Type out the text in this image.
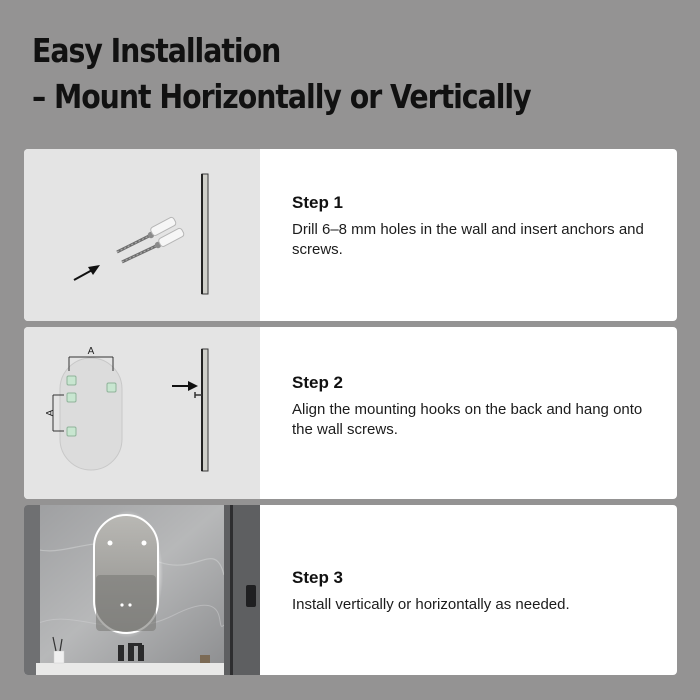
Easy Installation
– Mount Horizontally or Vertically
Step 1

Drill 6–8 mm holes in the wall and insert anchors and screws.

A
A
Step 2

Align the mounting hooks on the back and hang onto the wall screws.

Step 3

Install vertically or horizontally as needed.
